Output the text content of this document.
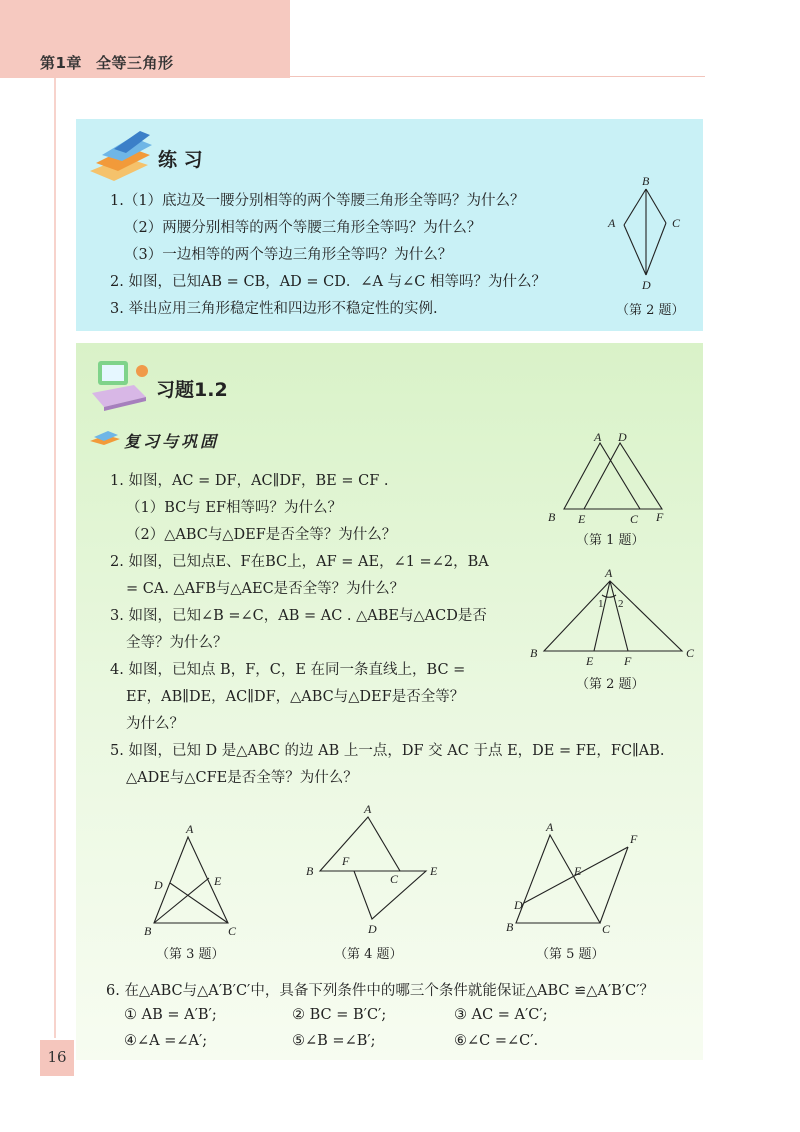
第1章 全等三角形
练 习
1.（1）底边及一腰分别相等的两个等腰三角形全等吗？为什么？
（2）两腰分别相等的两个等腰三角形全等吗？为什么？
（3）一边相等的两个等边三角形全等吗？为什么？
2. 如图，已知AB = CB，AD = CD．∠A 与∠C 相等吗？为什么？
3. 举出应用三角形稳定性和四边形不稳定性的实例.
B
A	C
D
（第 2 题）
习题1.2
复习与巩固
1. 如图，AC = DF，AC∥DF，BE = CF .
（1）BC与 EF相等吗？为什么？
（2）△ABC与△DEF是否全等？为什么？
2. 如图，已知点E、F在BC上，AF = AE，∠1 =∠2，BA
= CA. △AFB与△AEC是否全等？为什么？
3. 如图，已知∠B =∠C，AB = AC . △ABE与△ACD是否
全等？为什么？
4. 如图，已知点 B，F，C，E 在同一条直线上，BC =
EF，AB∥DE，AC∥DF，△ABC与△DEF是否全等？
为什么？
5. 如图，已知 D 是△ABC 的边 AB 上一点，DF 交 AC 于点 E，DE = FE，FC∥AB.
△ADE与△CFE是否全等？为什么？
A D
B E	C F
（第 1 题）
A
B	C
E	F
1 2
（第 2 题）
A
D	E
B	C
（第 3 题）
A
B
F
C
E
D
（第 4 题）
A
F
E
D
B	C
（第 5 题）
6. 在△ABC与△A′B′C′中，具备下列条件中的哪三个条件就能保证△ABC ≌△A′B′C′？
① AB = A′B′;	② BC = B′C′;	③ AC = A′C′;
④∠A =∠A′;	⑤∠B =∠B′;	⑥∠C =∠C′.
16
